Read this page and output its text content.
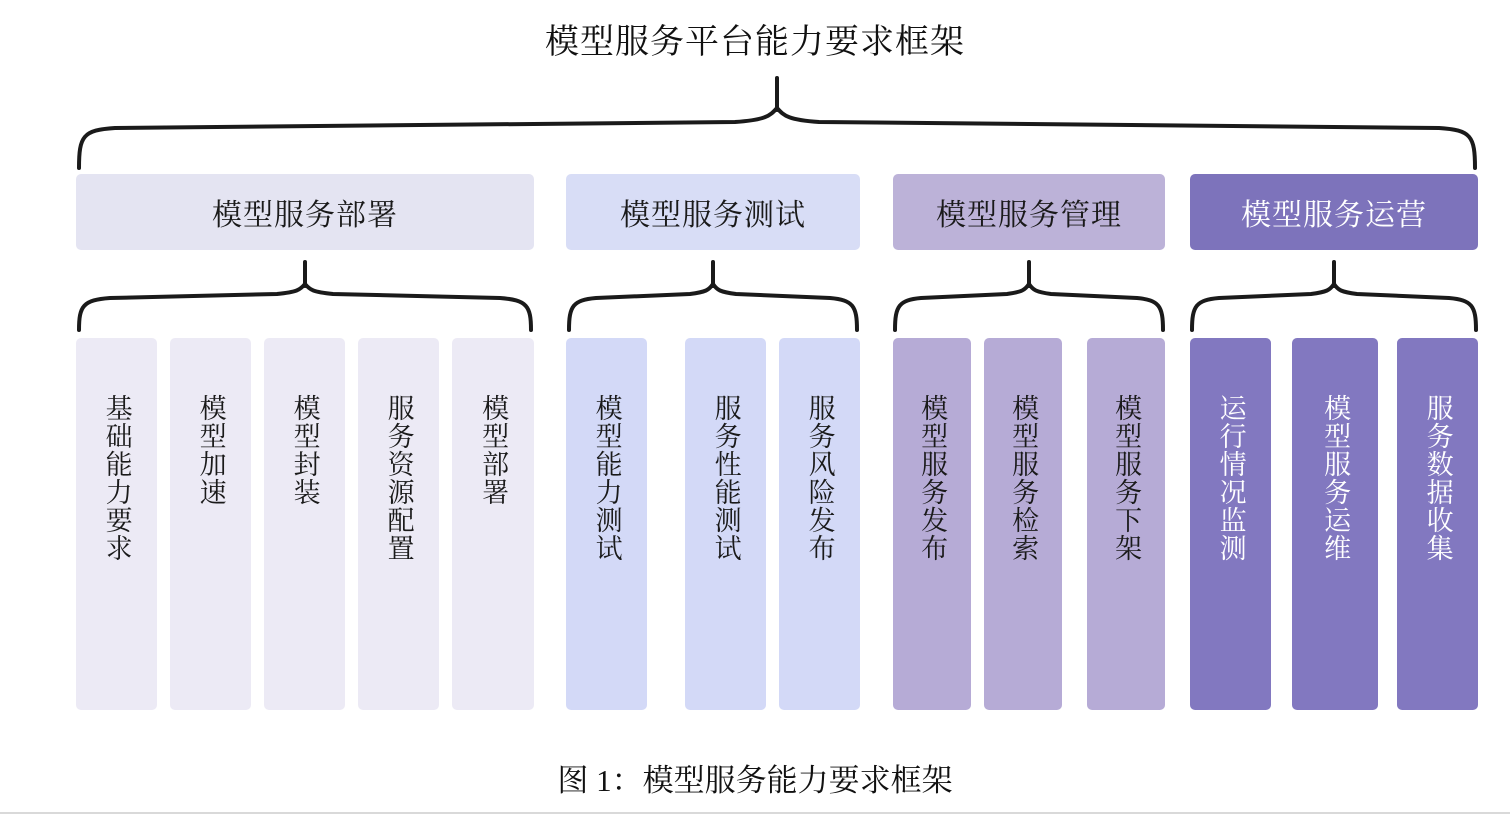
模型服务平台能力要求框架
模型服务部署	模型服务测试	模型服务管理	模型服务运营
基础能力要求 模型加速 模型封装 服务资源配置 模型部署	模型能力测试	服务性能测试 服务风险发布	模型服务发布 模型服务检索	模型服务下架	运行情况监测	模型服务运维	服务数据收集
图 1：模型服务能力要求框架
